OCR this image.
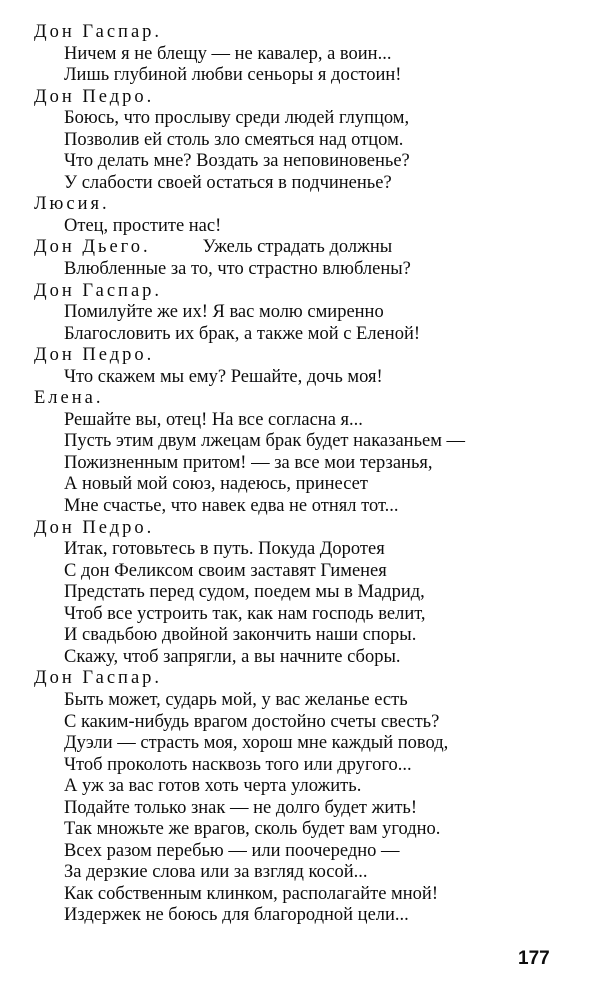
Дон Гаспар.
Ничем я не блещу — не кавалер, а воин...
Лишь глубиной любви сеньоры я достоин!
Дон Педро.
Боюсь, что прослыву среди людей глупцом,
Позволив ей столь зло смеяться над отцом.
Что делать мне? Воздать за неповиновенье?
У слабости своей остаться в подчиненье?
Люсия.
Отец, простите нас!
Дон Дьего.	Ужель страдать должны
Влюбленные за то, что страстно влюблены?
Дон Гаспар.
Помилуйте же их! Я вас молю смиренно
Благословить их брак, а также мой с Еленой!
Дон Педро.
Что скажем мы ему? Решайте, дочь моя!
Елена.
Решайте вы, отец! На все согласна я...
Пусть этим двум лжецам брак будет наказаньем —
Пожизненным притом! — за все мои терзанья,
А новый мой союз, надеюсь, принесет
Мне счастье, что навек едва не отнял тот...
Дон Педро.
Итак, готовьтесь в путь. Покуда Доротея
С дон Феликсом своим заставят Гименея
Предстать перед судом, поедем мы в Мадрид,
Чтоб все устроить так, как нам господь велит,
И свадьбою двойной закончить наши споры.
Скажу, чтоб запрягли, а вы начните сборы.
Дон Гаспар.
Быть может, сударь мой, у вас желанье есть
С каким-нибудь врагом достойно счеты свесть?
Дуэли — страсть моя, хорош мне каждый повод,
Чтоб проколоть насквозь того или другого...
А уж за вас готов хоть черта уложить.
Подайте только знак — не долго будет жить!
Так множьте же врагов, сколь будет вам угодно.
Всех разом перебью — или поочередно —
За дерзкие слова или за взгляд косой...
Как собственным клинком, располагайте мной!
Издержек не боюсь для благородной цели...
177
